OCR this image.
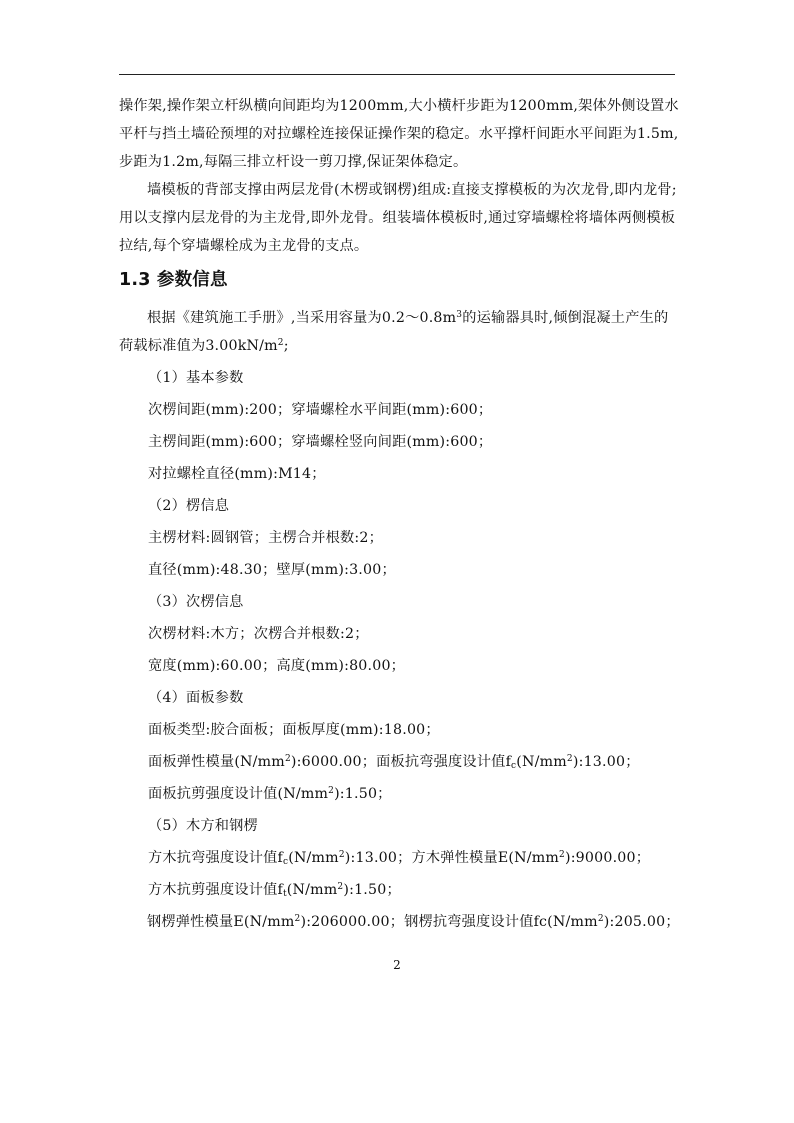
操作架,操作架立杆纵横向间距均为1200mm,大小横杆步距为1200mm,架体外侧设置水平杆与挡土墙砼预埋的对拉螺栓连接保证操作架的稳定。水平撑杆间距水平间距为1.5m,步距为1.2m,每隔三排立杆设一剪刀撑,保证架体稳定。

墙模板的背部支撑由两层龙骨(木楞或钢楞)组成:直接支撑模板的为次龙骨,即内龙骨;用以支撑内层龙骨的为主龙骨,即外龙骨。组装墙体模板时,通过穿墙螺栓将墙体两侧模板拉结,每个穿墙螺栓成为主龙骨的支点。

1.3 参数信息

根据《建筑施工手册》,当采用容量为$0.2\sim 0.8m^3$的运输器具时,倾倒混凝土产生的荷载标准值为$3.00kN/m^2$;

（1）基本参数

次楞间距(mm):200；穿墙螺栓水平间距(mm):600；

主楞间距(mm):600；穿墙螺栓竖向间距(mm):600；

对拉螺栓直径(mm):M14；

（2）楞信息

主楞材料:圆钢管；主楞合并根数:2；

直径(mm):48.30；壁厚(mm):3.00；

（3）次楞信息

次楞材料:木方；次楞合并根数:2；

宽度(mm):60.00；高度(mm):80.00；

（4）面板参数

面板类型:胶合面板；面板厚度(mm):18.00；

面板弹性模量$(N/mm^2):6000.00$；面板抗弯强度设计值$f_c(N/mm^2):13.00$；

面板抗剪强度设计值$(N/mm^2):1.50$；

（5）木方和钢楞

方木抗弯强度设计值$f_c(N/mm^2):13.00$；方木弹性模量$E(N/mm^2):9000.00$；

方木抗剪强度设计值$f_t(N/mm^2):1.50$；

钢楞弹性模量$E(N/mm^2):206000.00$；钢楞抗弯强度设计值$fc(N/mm^2):205.00$；

2
